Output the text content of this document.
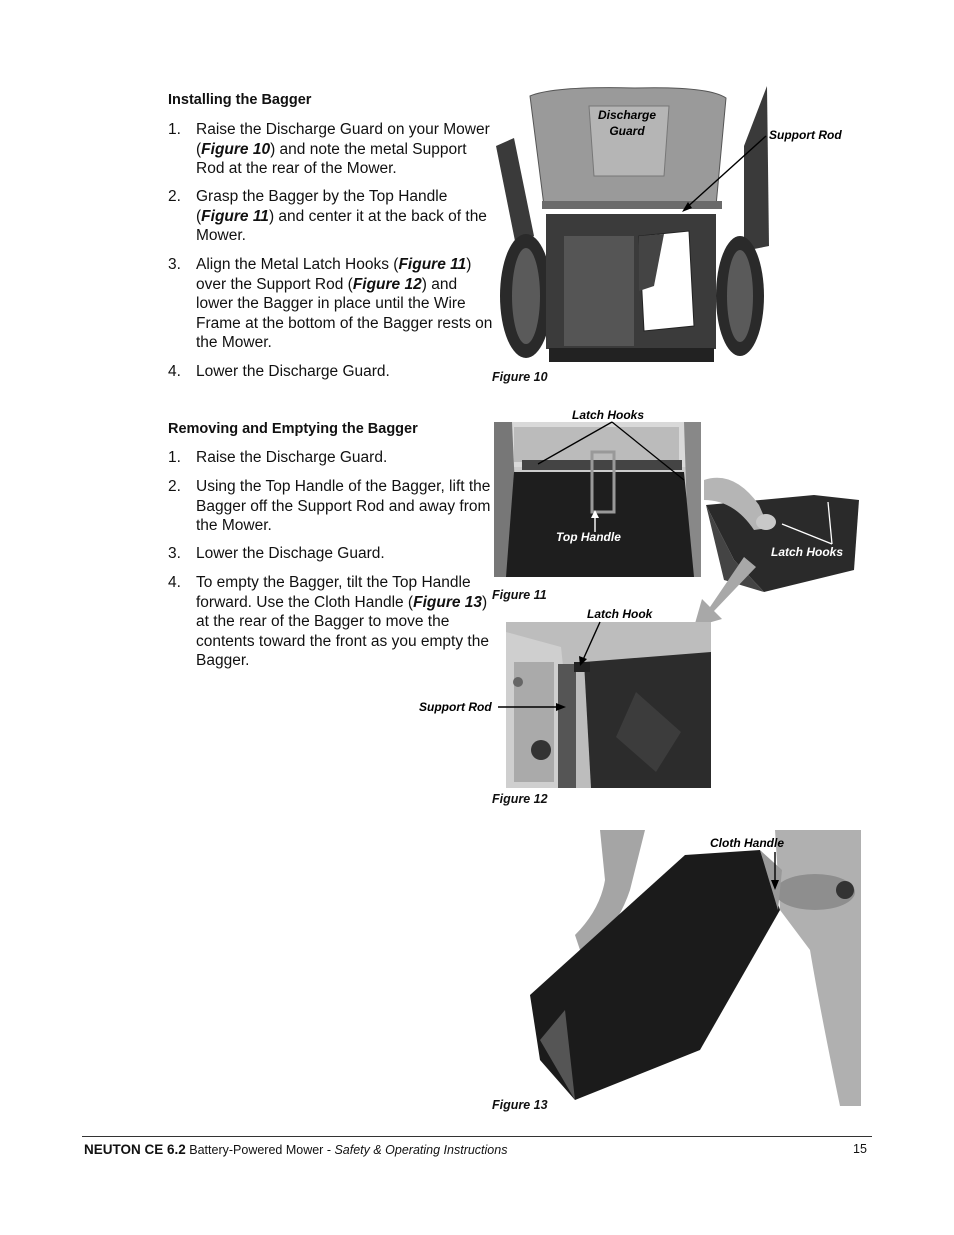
Installing the Bagger
1. Raise the Discharge Guard on your Mower (Figure 10) and note the metal Support Rod at the rear of the Mower.
2. Grasp the Bagger by the Top Handle (Figure 11) and center it at the back of the Mower.
3. Align the Metal Latch Hooks (Figure 11) over the Support Rod (Figure 12) and lower the Bagger in place until the Wire Frame at the bottom of the Bagger rests on the Mower.
4. Lower the Discharge Guard.
Removing and Emptying the Bagger
1. Raise the Discharge Guard.
2. Using the Top Handle of the Bagger, lift the Bagger off the Support Rod and away from the Mower.
3. Lower the Dischage Guard.
4. To empty the Bagger, tilt the Top Handle forward. Use the Cloth Handle (Figure 13) at the rear of the Bagger to move the contents toward the front as you empty the Bagger.
Discharge
Guard	Support Rod
Figure 10
Latch Hooks
Top Handle
Latch Hooks
Figure 11
Latch Hook
Support Rod
Figure 12
Cloth Handle
Figure 13
NEUTON CE 6.2 Battery-Powered Mower - Safety & Operating Instructions	15
